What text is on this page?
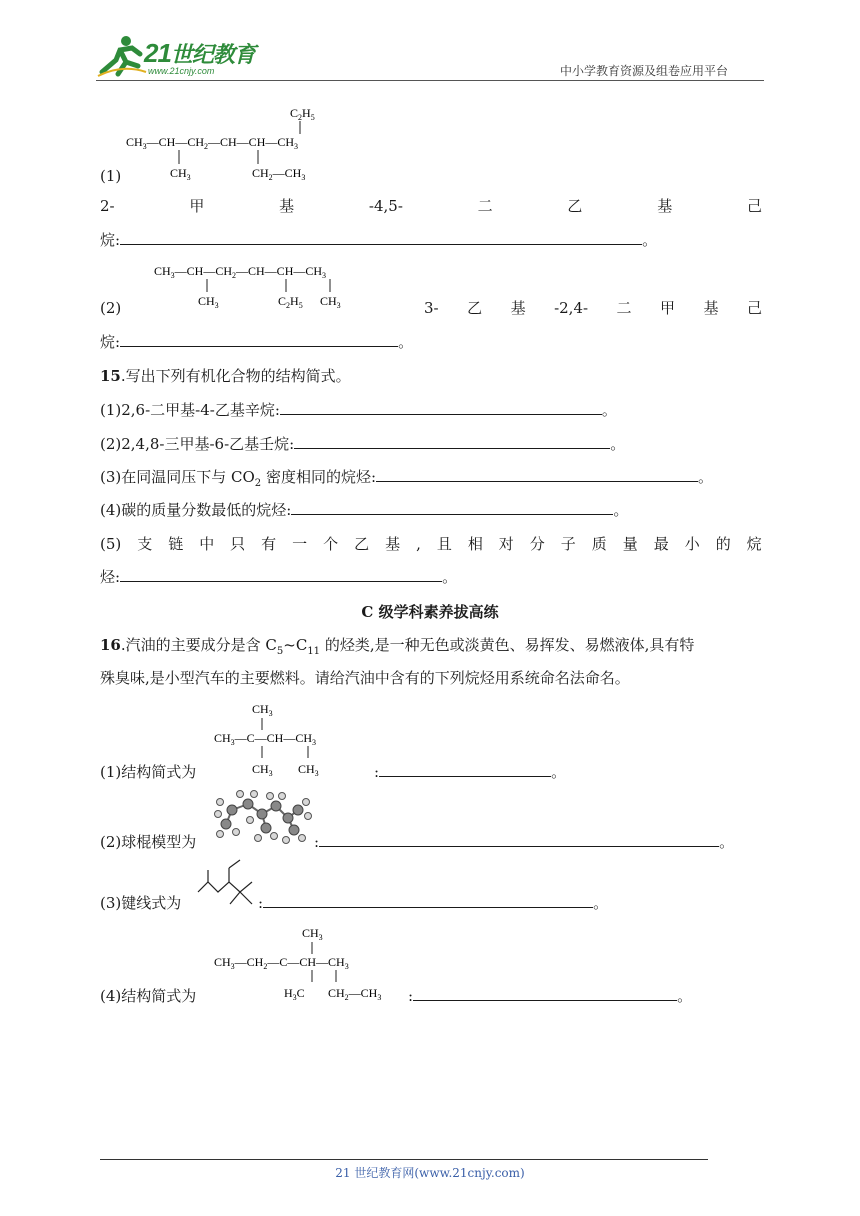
21世纪教育
www.21cnjy.com	中小学教育资源及组卷应用平台
$C_2H_5$
$CH_3—CH—CH_2—CH—CH—CH_3$
$CH_3$	$CH_2—CH_3$
(1)
2-	甲	基	-4,5-	二	乙	基	己
烷:	。
$CH_3—CH—CH_2—CH—CH—CH_3$
$CH_3$	$C_2H_5$ $CH_3$
(2)	3- 乙 基 -2,4- 二 甲 基 己
烷:	。
15.写出下列有机化合物的结构简式。
(1)2,6-二甲基-4-乙基辛烷:	。
(2)2,4,8-三甲基-6-乙基壬烷:	。
(3)在同温同压下与 $CO_2$ 密度相同的烷烃:	。
(4)碳的质量分数最低的烷烃:	。
(5) 支 链 中 只 有 一 个 乙 基 , 且 相 对 分 子 质 量 最 小 的 烷
烃:	。
C 级学科素养拔高练
16.汽油的主要成分是含 $C_5\sim C_{11}$ 的烃类,是一种无色或淡黄色、易挥发、易燃液体,具有特
殊臭味,是小型汽车的主要燃料。请给汽油中含有的下列烷烃用系统命名法命名。
$CH_3$
$CH_3—C—CH—CH_3$
$CH_3$ $CH_3$
(1)结构简式为	:	。
(2)球棍模型为	:	。
(3)键线式为	:	。
$CH_3$
$CH_3—CH_2—C—CH—CH_3$
$H_3C$ $CH_2—CH_3$
(4)结构简式为	:	。
21 世纪教育网(www.21cnjy.com)
